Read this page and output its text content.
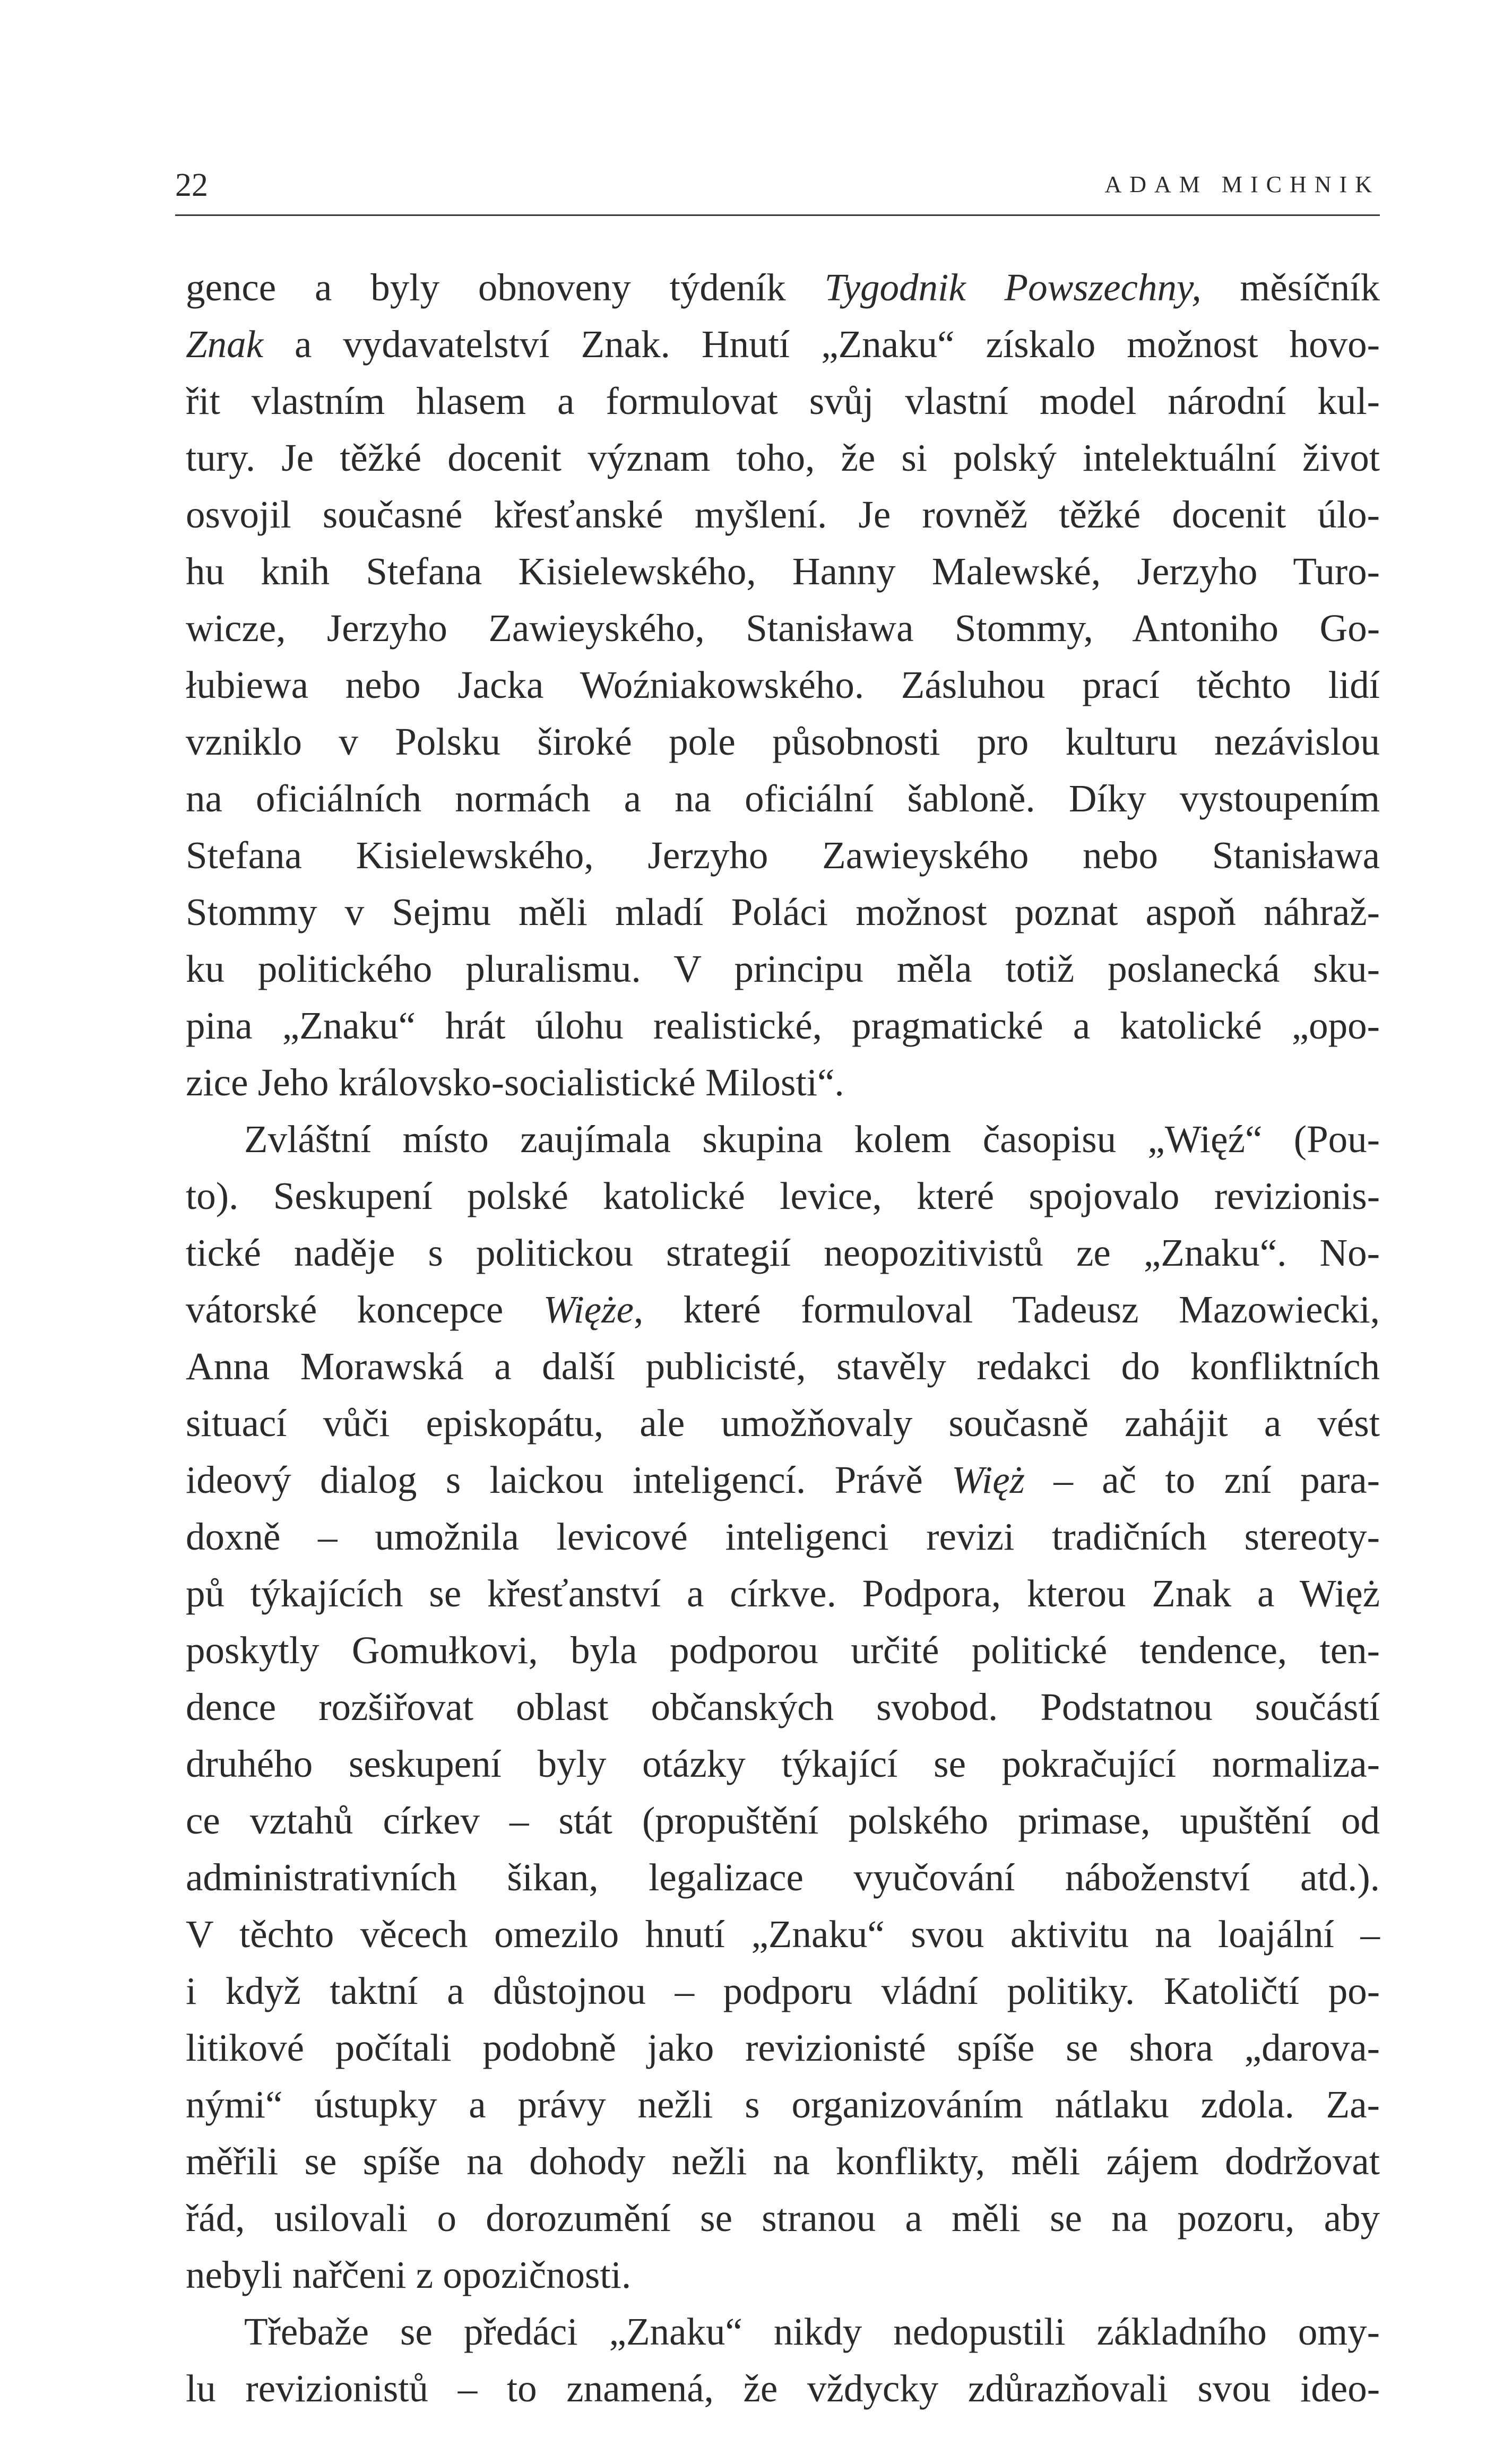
22	ADAM MICHNIK
gence a byly obnoveny týdeník Tygodnik Powszechny, měsíčník
Znak a vydavatelství Znak. Hnutí „Znaku“ získalo možnost hovo-
řit vlastním hlasem a formulovat svůj vlastní model národní kul-
tury. Je těžké docenit význam toho, že si polský intelektuální život
osvojil současné křesťanské myšlení. Je rovněž těžké docenit úlo-
hu knih Stefana Kisielewského, Hanny Malewské, Jerzyho Turo-
wicze, Jerzyho Zawieyského, Stanisława Stommy, Antoniho Go-
łubiewa nebo Jacka Woźniakowského. Zásluhou prací těchto lidí
vzniklo v Polsku široké pole působnosti pro kulturu nezávislou
na oficiálních normách a na oficiální šabloně. Díky vystoupením
Stefana Kisielewského, Jerzyho Zawieyského nebo Stanisława
Stommy v Sejmu měli mladí Poláci možnost poznat aspoň náhraž-
ku politického pluralismu. V principu měla totiž poslanecká sku-
pina „Znaku“ hrát úlohu realistické, pragmatické a katolické „opo-
zice Jeho královsko-socialistické Milosti“.
Zvláštní místo zaujímala skupina kolem časopisu „Więź“ (Pou-
to). Seskupení polské katolické levice, které spojovalo revizionis-
tické naděje s politickou strategií neopozitivistů ze „Znaku“. No-
vátorské koncepce Więże, které formuloval Tadeusz Mazowiecki,
Anna Morawská a další publicisté, stavěly redakci do konfliktních
situací vůči episkopátu, ale umožňovaly současně zahájit a vést
ideový dialog s laickou inteligencí. Právě Więż – ač to zní para-
doxně – umožnila levicové inteligenci revizi tradičních stereoty-
pů týkajících se křesťanství a církve. Podpora, kterou Znak a Więż
poskytly Gomułkovi, byla podporou určité politické tendence, ten-
dence rozšiřovat oblast občanských svobod. Podstatnou součástí
druhého seskupení byly otázky týkající se pokračující normaliza-
ce vztahů církev – stát (propuštění polského primase, upuštění od
administrativních šikan, legalizace vyučování náboženství atd.).
V těchto věcech omezilo hnutí „Znaku“ svou aktivitu na loajální –
i když taktní a důstojnou – podporu vládní politiky. Katoličtí po-
litikové počítali podobně jako revizionisté spíše se shora „darova-
nými“ ústupky a právy nežli s organizováním nátlaku zdola. Za-
měřili se spíše na dohody nežli na konflikty, měli zájem dodržovat
řád, usilovali o dorozumění se stranou a měli se na pozoru, aby
nebyli nařčeni z opozičnosti.
Třebaže se předáci „Znaku“ nikdy nedopustili základního omy-
lu revizionistů – to znamená, že vždycky zdůrazňovali svou ideo-
